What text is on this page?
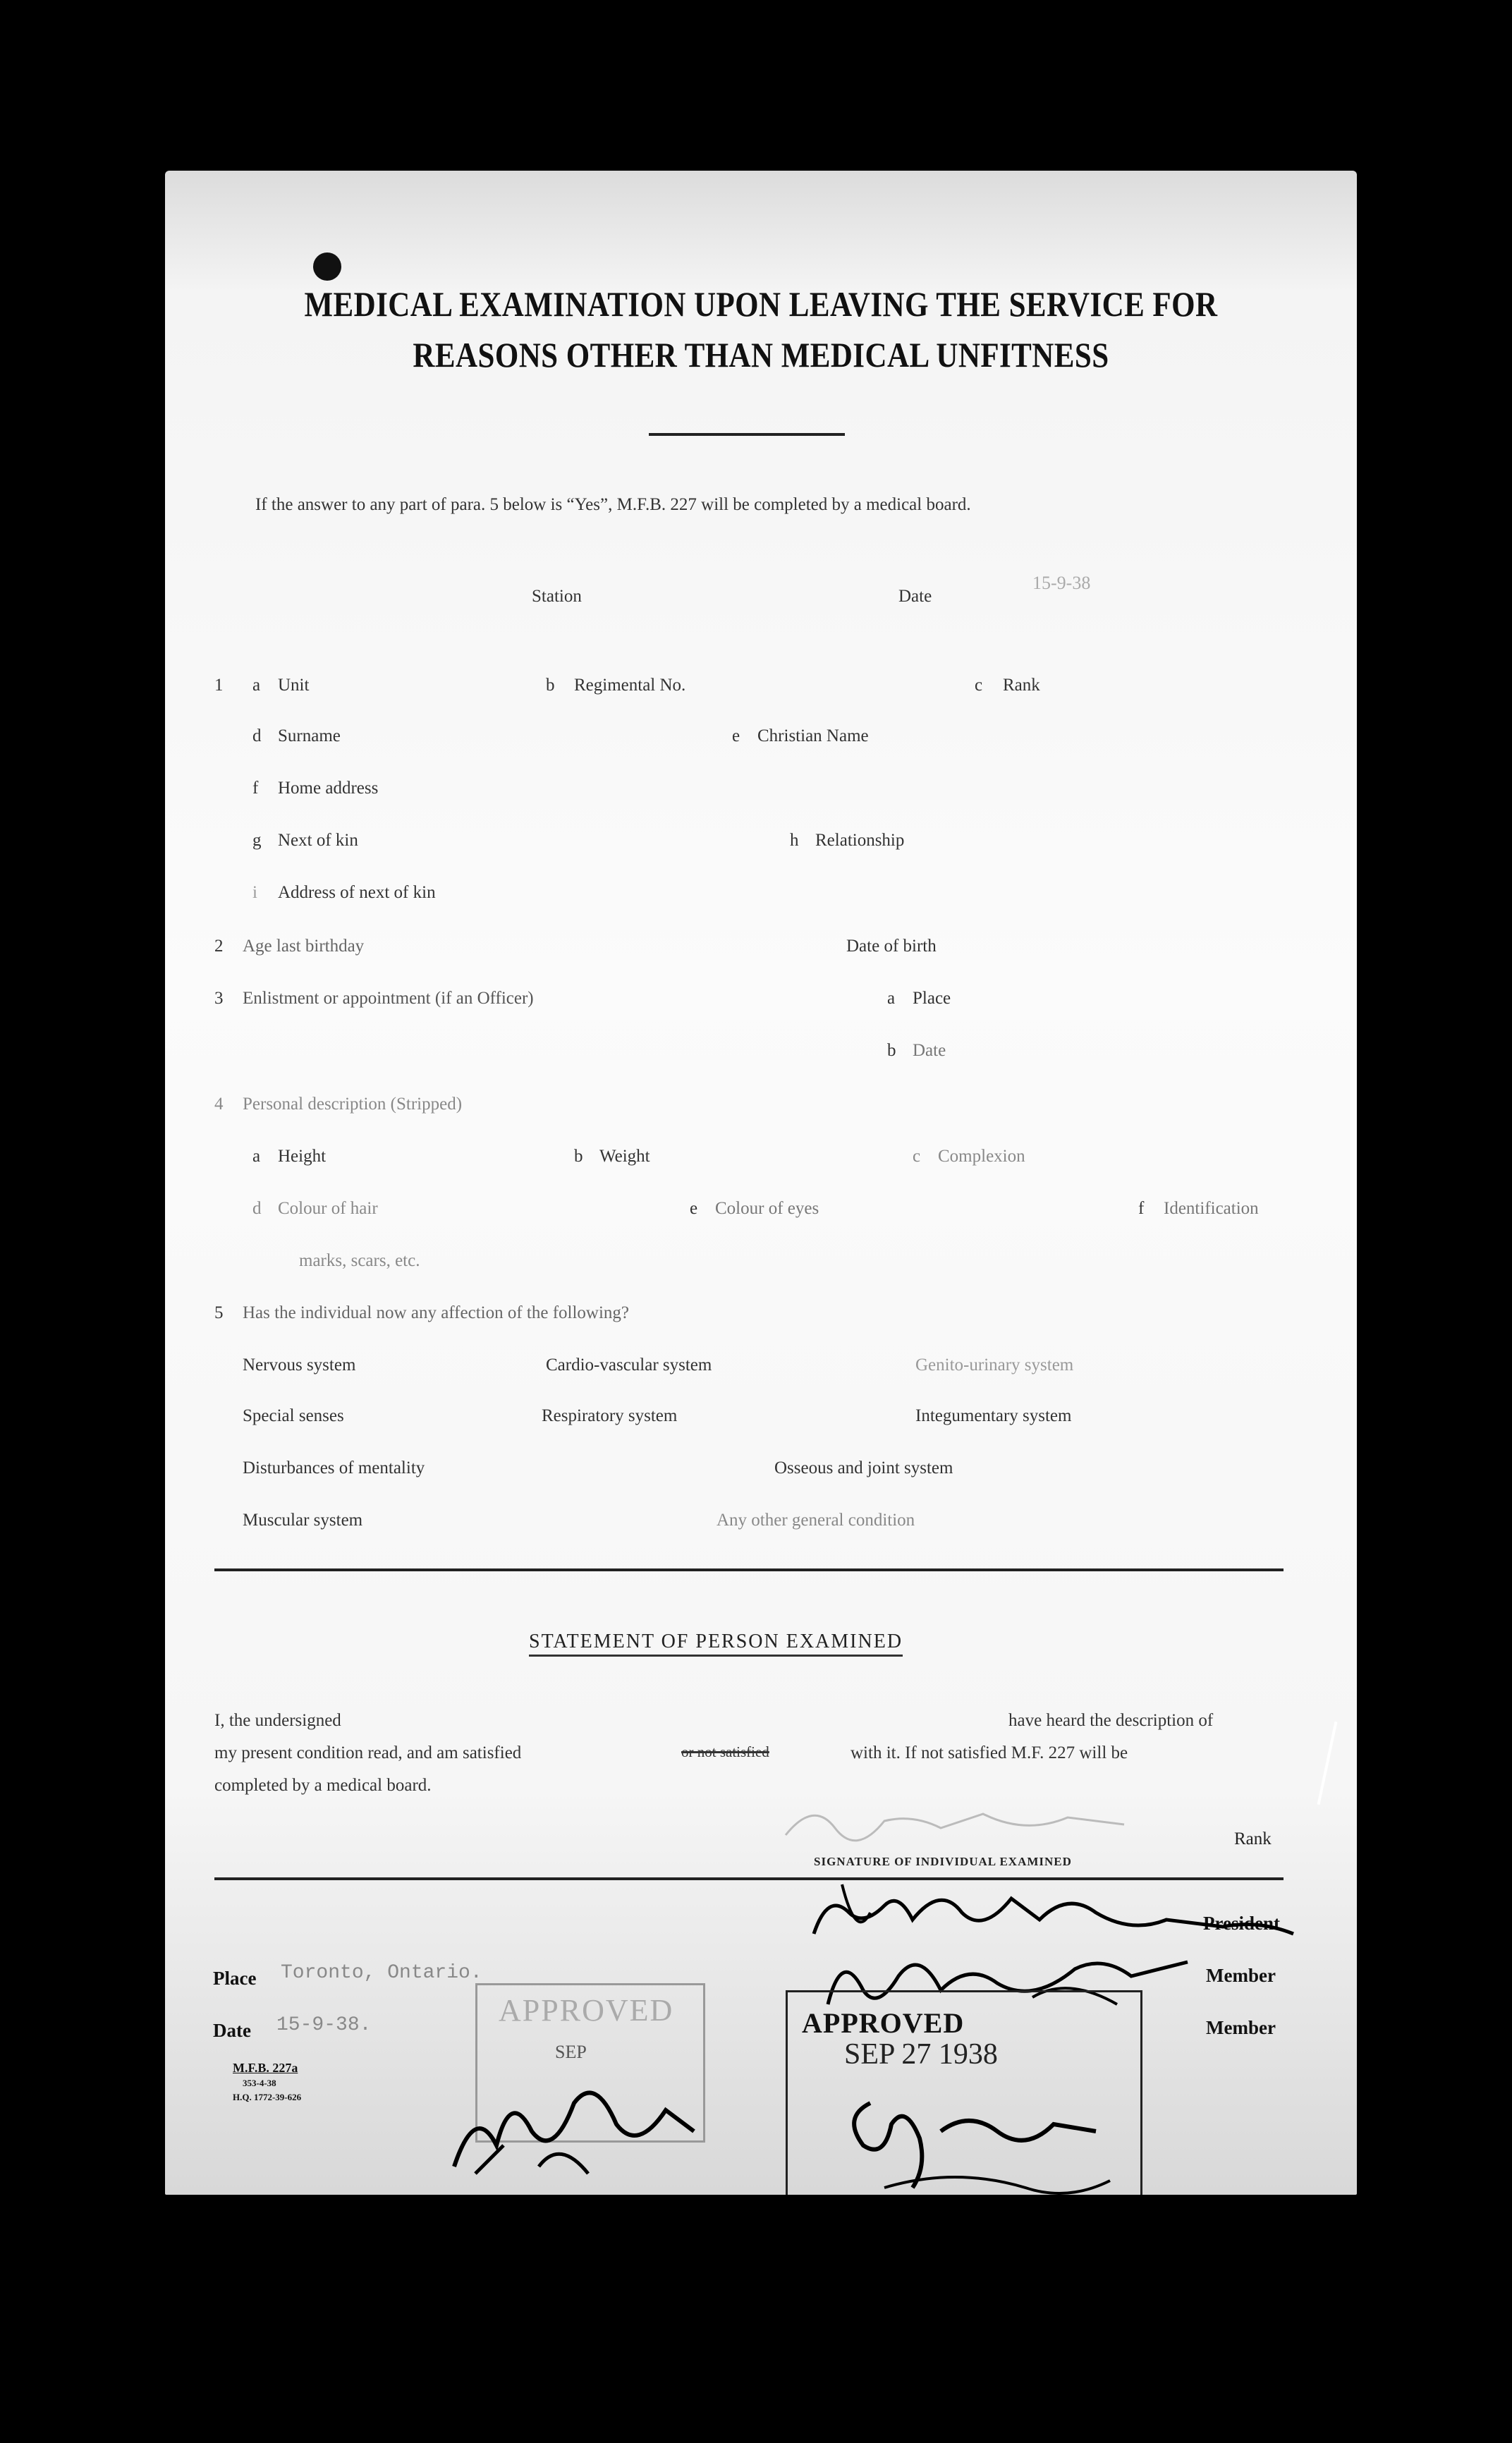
MEDICAL EXAMINATION UPON LEAVING THE SERVICE FOR
REASONS OTHER THAN MEDICAL UNFITNESS
If the answer to any part of para. 5 below is “Yes”, M.F.B. 227 will be completed by a medical board.
Station	Date
15-9-38
1 a Unit	b Regimental No.	c Rank
d Surname	e Christian Name
f Home address
g Next of kin	h Relationship
i Address of next of kin
2 Age last birthday	Date of birth
3 Enlistment or appointment (if an Officer)	a Place
b Date
4 Personal description (Stripped)
a Height	b Weight	c Complexion
d Colour of hair	e Colour of eyes	f Identification
marks, scars, etc.
5 Has the individual now any affection of the following?
Nervous system	Cardio-vascular system	Genito-urinary system
Special senses	Respiratory system	Integumentary system
Disturbances of mentality	Osseous and joint system
Muscular system	Any other general condition
STATEMENT OF PERSON EXAMINED
I, the undersigned	have heard the description of
my present condition read, and am satisfied	or not satisfied	with it. If not satisfied M.F. 227 will be
completed by a medical board.
Rank
SIGNATURE OF INDIVIDUAL EXAMINED
President
Member
Member
Place Toronto, Ontario.
Date 15-9-38.
M.F.B. 227a
353-4-38
H.Q. 1772-39-626
APPROVED
SEP
APPROVED
SEP 27 1938
